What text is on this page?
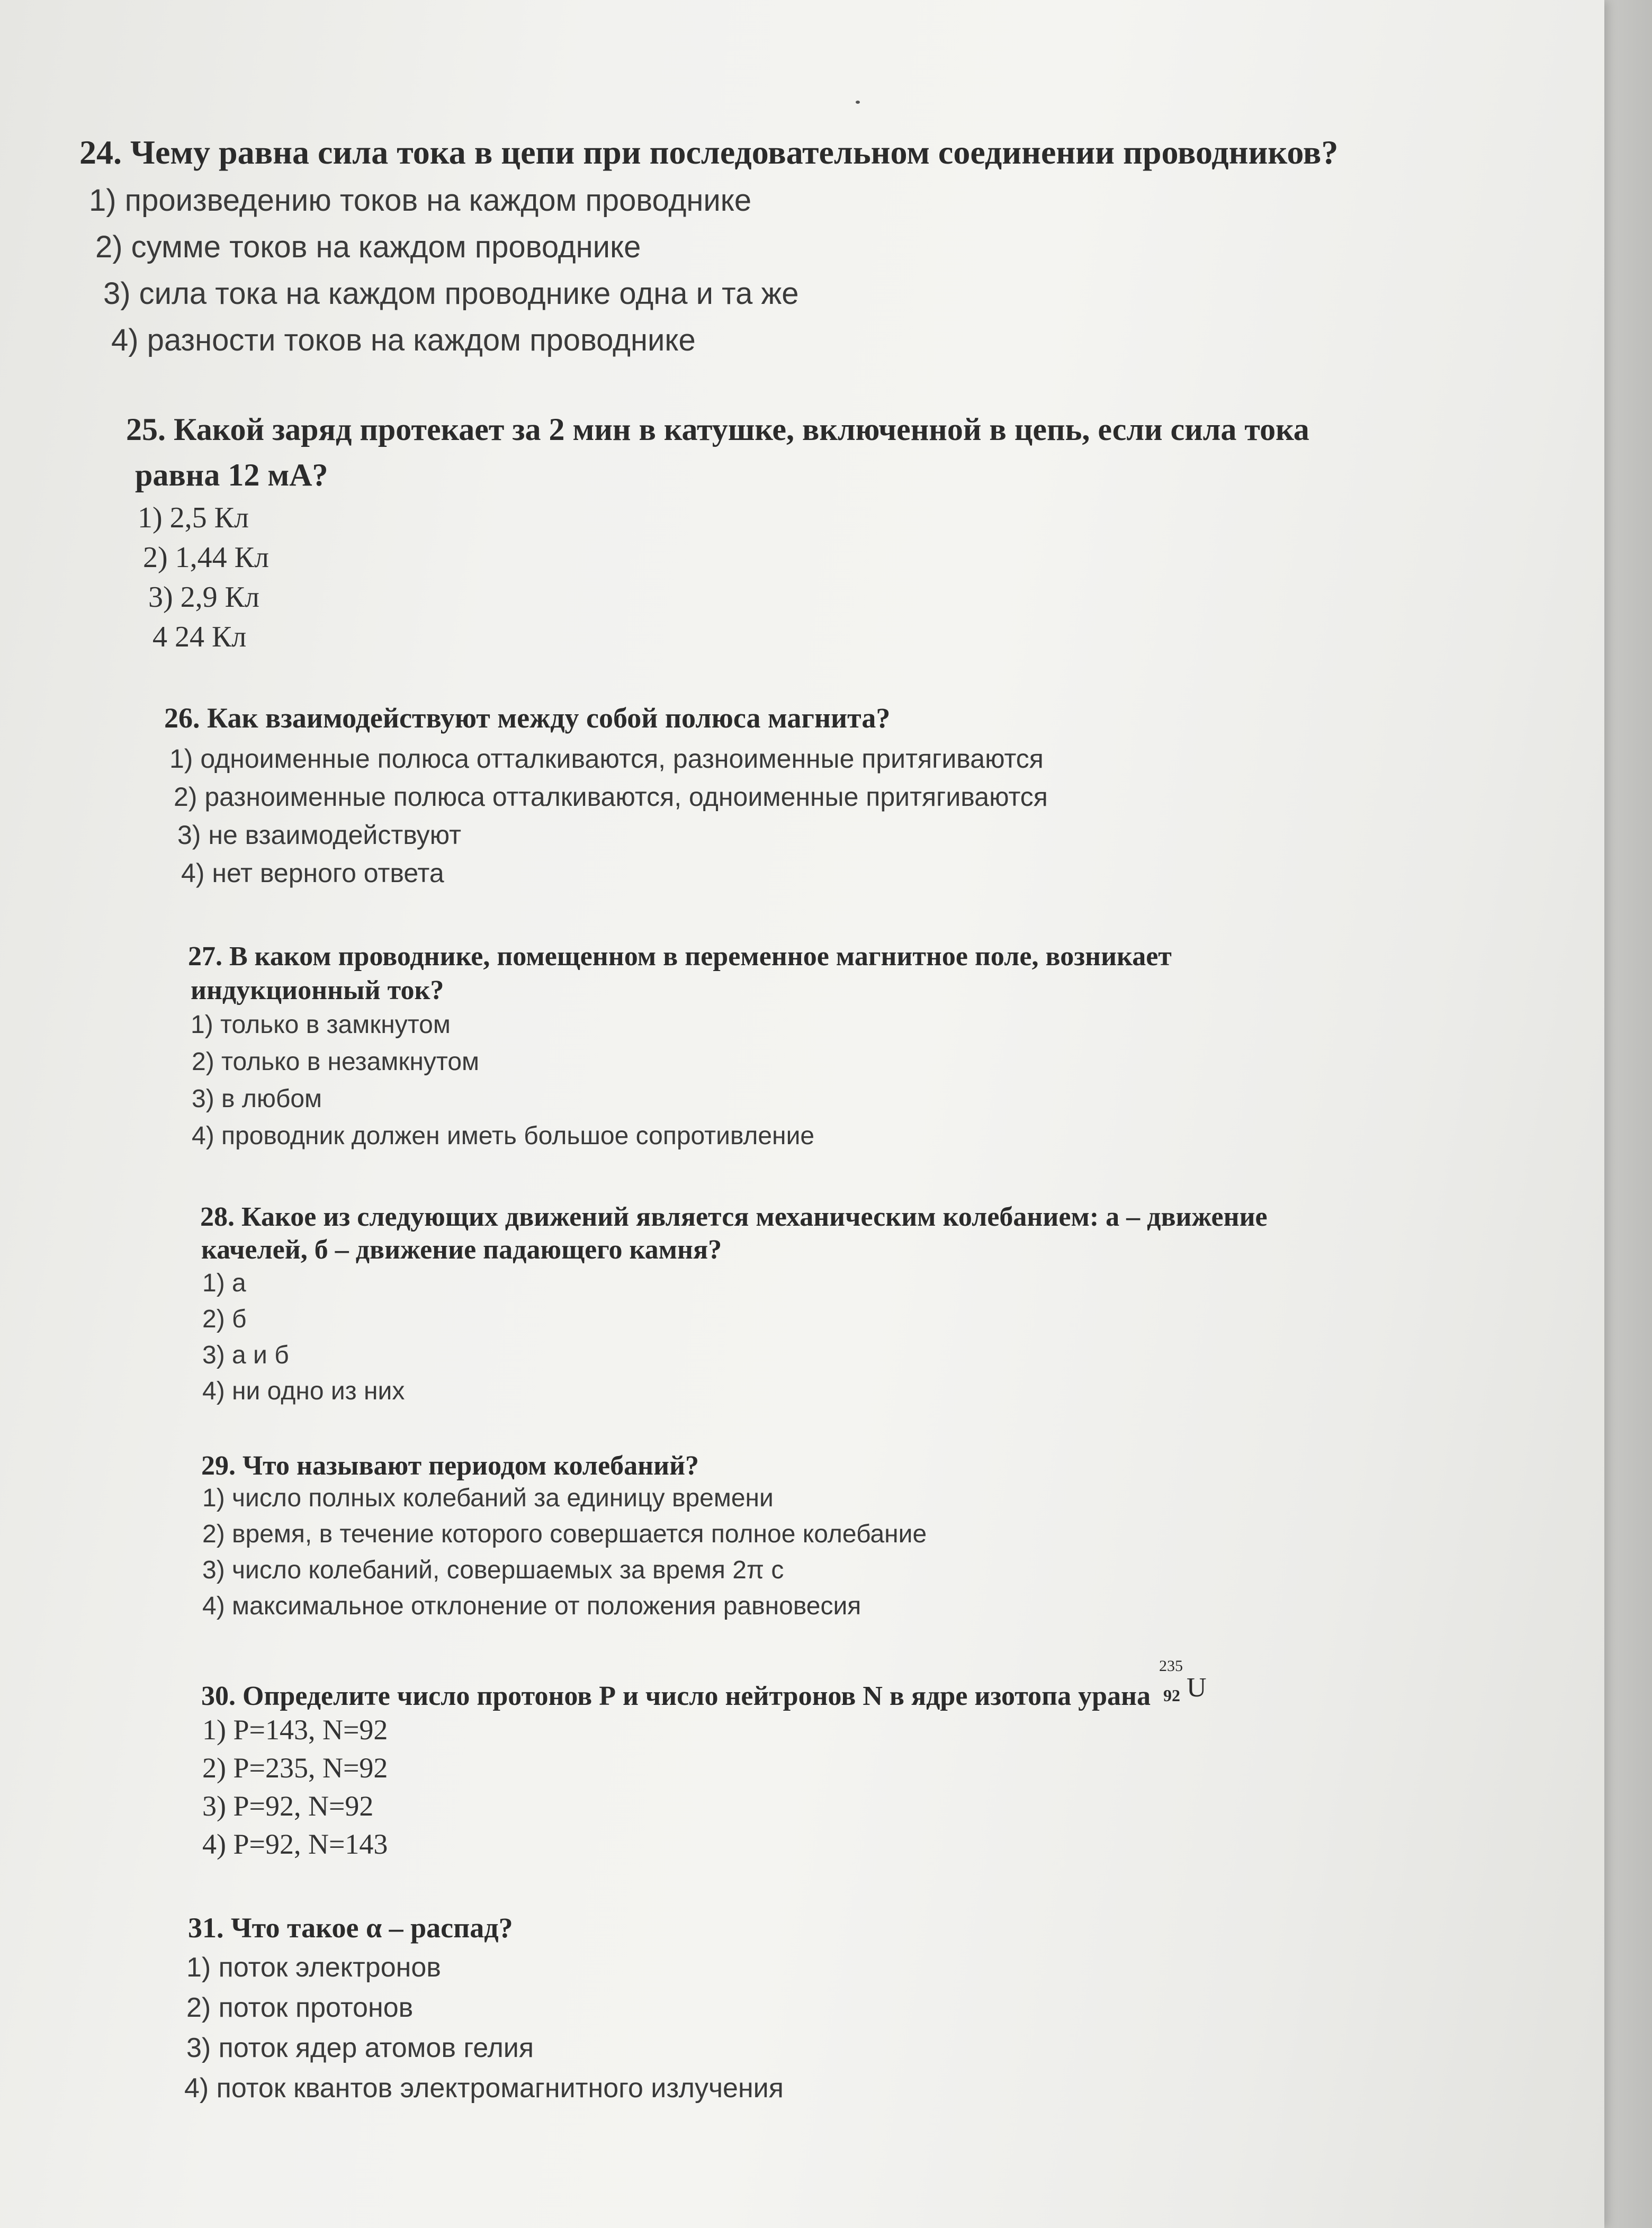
24. Чему равна сила тока в цепи при последовательном соединении проводников?

1) произведению токов на каждом проводнике

2) сумме токов на каждом проводнике

3) сила тока на каждом проводнике одна и та же

4) разности токов на каждом проводнике

25. Какой заряд протекает за 2 мин в катушке, включенной в цепь, если сила тока

равна 12 мА?

1) 2,5 Кл

2) 1,44 Кл

3) 2,9 Кл

4 24 Кл

26. Как взаимодействуют между собой полюса магнита?

1) одноименные полюса отталкиваются, разноименные притягиваются

2) разноименные полюса отталкиваются, одноименные притягиваются

3) не взаимодействуют

4) нет верного ответа

27. В каком проводнике, помещенном в переменное магнитное поле, возникает

индукционный ток?

1) только в замкнутом

2) только в незамкнутом

3) в любом

4) проводник должен иметь большое сопротивление

28. Какое из следующих движений является механическим колебанием: а – движение

качелей, б – движение падающего камня?

1) а

2) б

3) а и б

4) ни одно из них

29. Что называют периодом колебаний?

1) число полных колебаний за единицу времени

2) время, в течение которого совершается полное колебание

3) число колебаний, совершаемых за время 2π с

4) максимальное отклонение от положения равновесия

30. Определите число протонов Р и число нейтронов N в ядре изотопа урана
235
92 U

1) Р=143, N=92

2) Р=235, N=92

3) Р=92, N=92

4) Р=92, N=143

31. Что такое α – распад?

1) поток электронов

2) поток протонов

3) поток ядер атомов гелия

4) поток квантов электромагнитного излучения
